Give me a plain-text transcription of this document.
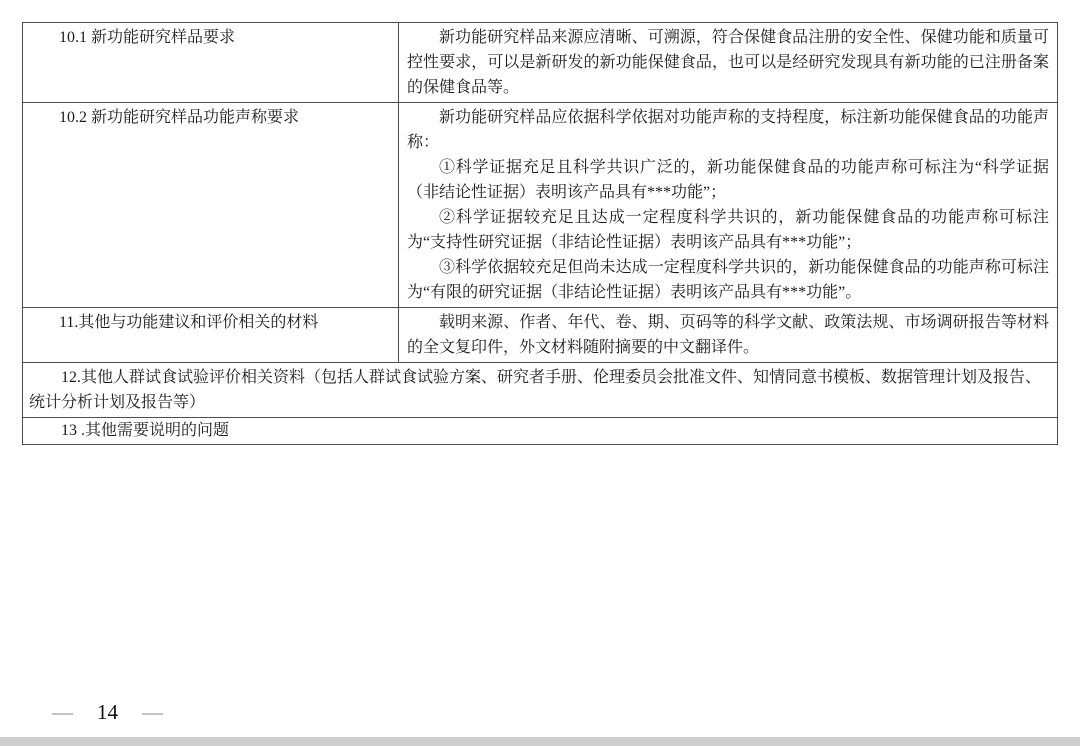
10.1 新功能研究样品要求	新功能研究样品来源应清晰、可溯源，符合保健食品注册的安全性、保健功能和质量可控性要求，可以是新研发的新功能保健食品，也可以是经研究发现具有新功能的已注册备案的保健食品等。

10.2 新功能研究样品功能声称要求	新功能研究样品应依据科学依据对功能声称的支持程度，标注新功能保健食品的功能声称：

①科学证据充足且科学共识广泛的，新功能保健食品的功能声称可标注为“科学证据（非结论性证据）表明该产品具有***功能”；

②科学证据较充足且达成一定程度科学共识的，新功能保健食品的功能声称可标注为“支持性研究证据（非结论性证据）表明该产品具有***功能”；

③科学依据较充足但尚未达成一定程度科学共识的，新功能保健食品的功能声称可标注为“有限的研究证据（非结论性证据）表明该产品具有***功能”。

11.其他与功能建议和评价相关的材料	载明来源、作者、年代、卷、期、页码等的科学文献、政策法规、市场调研报告等材料的全文复印件，外文材料随附摘要的中文翻译件。

12.其他人群试食试验评价相关资料（包括人群试食试验方案、研究者手册、伦理委员会批准文件、知情同意书模板、数据管理计划及报告、统计分析计划及报告等）

13 .其他需要说明的问题

— 14 —
